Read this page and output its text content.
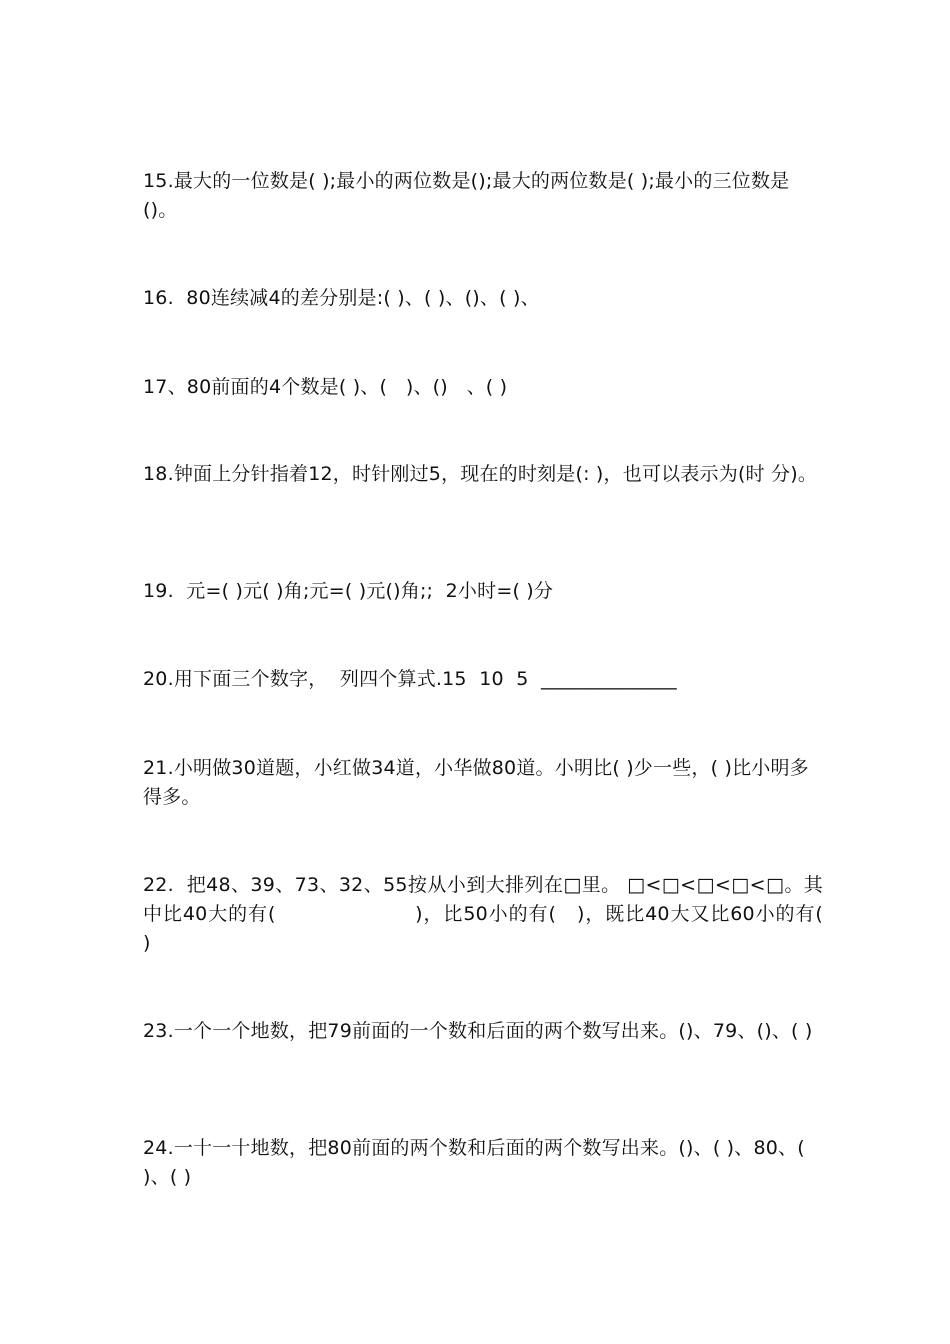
15.最大的一位数是( );最小的两位数是();最大的两位数是( );最小的三位数是()。
16.  80连续减4的差分别是:( )、( )、()、( )、
17、80前面的4个数是( )、(   )、()   、( )
18.钟面上分针指着12，时针刚过5，现在的时刻是(: )，也可以表示为(时 分)。
19.  元=( )元( )角;元=( )元()角;;  2小时=( )分
20.用下面三个数字，  列四个算式.15  10  5  ______________
21.小明做30道题，小红做34道，小华做80道。小明比( )少一些，( )比小明多得多。
22.  把48、39、73、32、55按从小到大排列在□里。 □<□<□<□<□。其中比40大的有(                    )，比50小的有(   )，既比40大又比60小的有(         )
23.一个一个地数，把79前面的一个数和后面的两个数写出来。()、79、()、( )
24.一十一十地数，把80前面的两个数和后面的两个数写出来。()、( )、80、( )、( )
